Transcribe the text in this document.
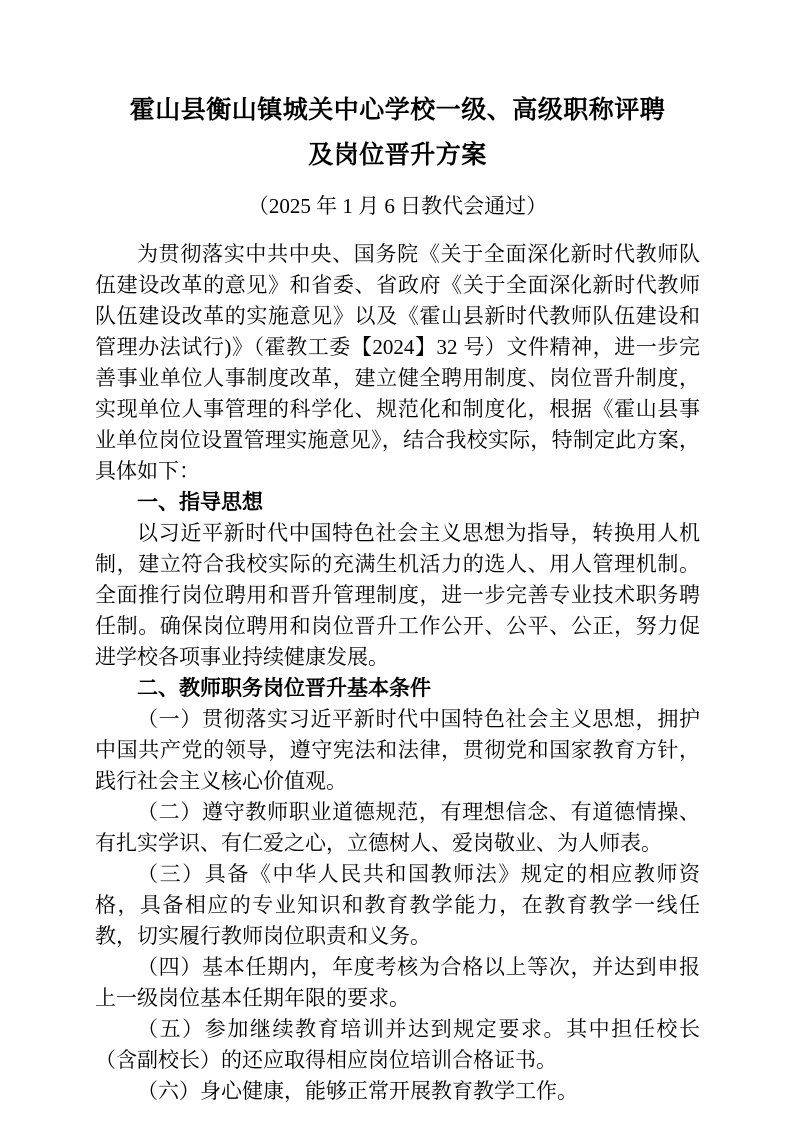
霍山县衡山镇城关中心学校一级、高级职称评聘
及岗位晋升方案
（2025 年 1 月 6 日教代会通过）

为贯彻落实中共中央、国务院《关于全面深化新时代教师队伍建设改革的意见》和省委、省政府《关于全面深化新时代教师队伍建设改革的实施意见》以及《霍山县新时代教师队伍建设和管理办法试行)》（霍教工委【2024】32 号）文件精神，进一步完善事业单位人事制度改革，建立健全聘用制度、岗位晋升制度，实现单位人事管理的科学化、规范化和制度化，根据《霍山县事业单位岗位设置管理实施意见》，结合我校实际，特制定此方案，具体如下：

一、指导思想

以习近平新时代中国特色社会主义思想为指导，转换用人机制，建立符合我校实际的充满生机活力的选人、用人管理机制。全面推行岗位聘用和晋升管理制度，进一步完善专业技术职务聘任制。确保岗位聘用和岗位晋升工作公开、公平、公正，努力促进学校各项事业持续健康发展。

二、教师职务岗位晋升基本条件

（一）贯彻落实习近平新时代中国特色社会主义思想，拥护中国共产党的领导，遵守宪法和法律，贯彻党和国家教育方针，践行社会主义核心价值观。

（二）遵守教师职业道德规范，有理想信念、有道德情操、有扎实学识、有仁爱之心，立德树人、爱岗敬业、为人师表。

（三）具备《中华人民共和国教师法》规定的相应教师资格，具备相应的专业知识和教育教学能力，在教育教学一线任教，切实履行教师岗位职责和义务。

（四）基本任期内，年度考核为合格以上等次，并达到申报上一级岗位基本任期年限的要求。

（五）参加继续教育培训并达到规定要求。其中担任校长（含副校长）的还应取得相应岗位培训合格证书。

（六）身心健康，能够正常开展教育教学工作。
